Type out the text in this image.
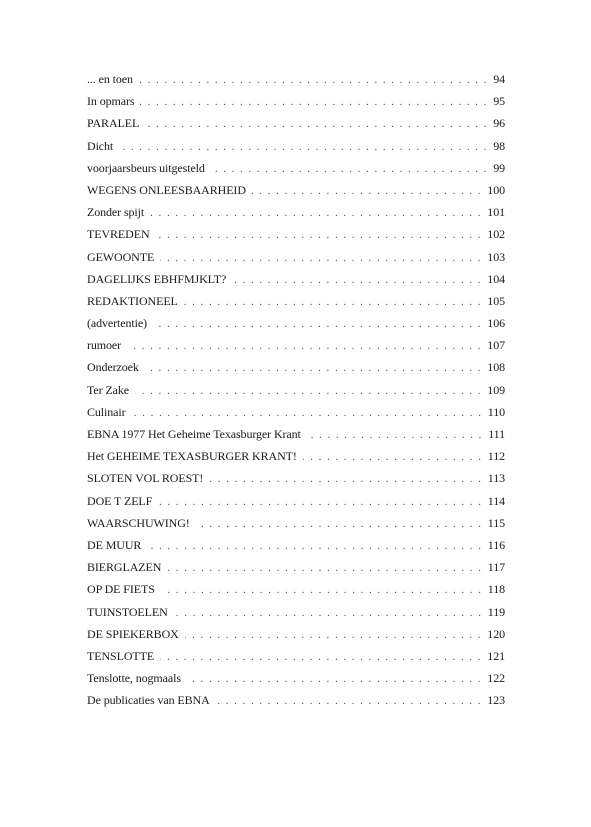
... en toen .....	94
In opmars .....	95
PARALEL .....	96
Dicht .....	98
voorjaarsbeurs uitgesteld .....	99
WEGENS ONLEESBAARHEID .....	100
Zonder spijt .....	101
TEVREDEN .....	102
GEWOONTE .....	103
DAGELIJKS EBHFMJKLT? .....	104
REDAKTIONEEL .....	105
(advertentie) .....	106
rumoer .....	107
Onderzoek .....	108
Ter Zake .....	109
Culinair .....	110
EBNA 1977 Het Geheime Texasburger Krant .....	111
Het GEHEIME TEXASBURGER KRANT! .....	112
SLOTEN VOL ROEST! .....	113
DOE T ZELF .....	114
WAARSCHUWING! .....	115
DE MUUR .....	116
BIERGLAZEN .....	117
OP DE FIETS .....	118
TUINSTOELEN .....	119
DE SPIEKERBOX .....	120
TENSLOTTE .....	121
Tenslotte, nogmaals .....	122
De publicaties van EBNA .....	123
